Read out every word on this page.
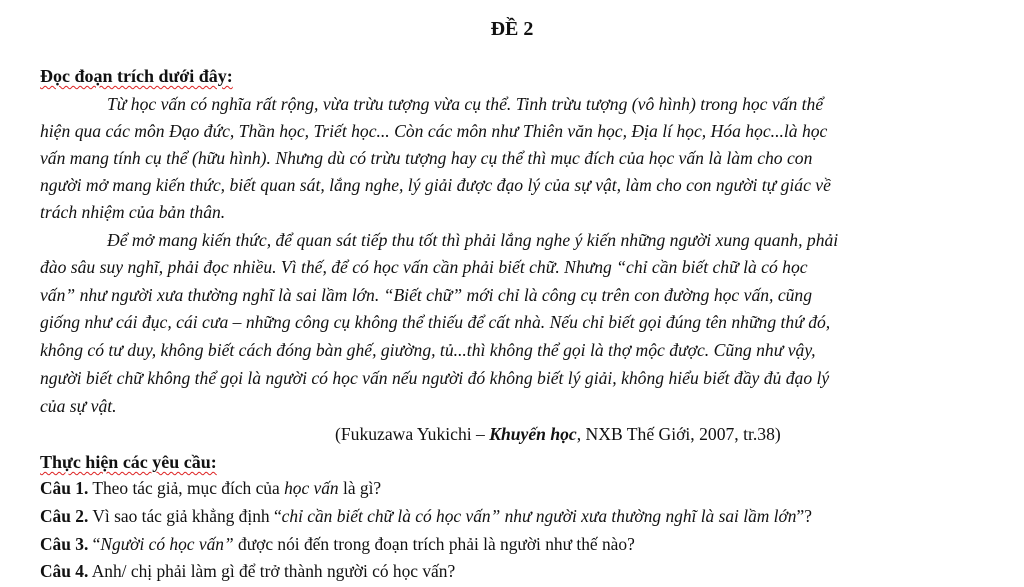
ĐỀ 2
Đọc đoạn trích dưới đây:
Từ học vấn có nghĩa rất rộng, vừa trừu tượng vừa cụ thể. Tinh trừu tượng (vô hình) trong học vấn thể
hiện qua các môn Đạo đức, Thần học, Triết học... Còn các môn như Thiên văn học, Địa lí học, Hóa học...là học
vấn mang tính cụ thể (hữu hình). Nhưng dù có trừu tượng hay cụ thể thì mục đích của học vấn là làm cho con
người mở mang kiến thức, biết quan sát, lắng nghe, lý giải được đạo lý của sự vật, làm cho con người tự giác về
trách nhiệm của bản thân.
Để mở mang kiến thức, để quan sát tiếp thu tốt thì phải lắng nghe ý kiến những người xung quanh, phải
đào sâu suy nghĩ, phải đọc nhiều. Vì thế, để có học vấn cần phải biết chữ. Nhưng “chỉ cần biết chữ là có học
vấn” như người xưa thường nghĩ là sai lầm lớn. “Biết chữ” mới chỉ là công cụ trên con đường học vấn, cũng
giống như cái đục, cái cưa – những công cụ không thể thiếu để cất nhà. Nếu chỉ biết gọi đúng tên những thứ đó,
không có tư duy, không biết cách đóng bàn ghế, giường, tủ...thì không thể gọi là thợ mộc được. Cũng như vậy,
người biết chữ không thể gọi là người có học vấn nếu người đó không biết lý giải, không hiểu biết đầy đủ đạo lý
của sự vật.
(Fukuzawa Yukichi – Khuyến học, NXB Thế Giới, 2007, tr.38)
Thực hiện các yêu cầu:
Câu 1. Theo tác giả, mục đích của học vấn là gì?
Câu 2. Vì sao tác giả khẳng định “chỉ cần biết chữ là có học vấn” như người xưa thường nghĩ là sai lầm lớn”?
Câu 3. “Người có học vấn” được nói đến trong đoạn trích phải là người như thế nào?
Câu 4. Anh/ chị phải làm gì để trở thành người có học vấn?
